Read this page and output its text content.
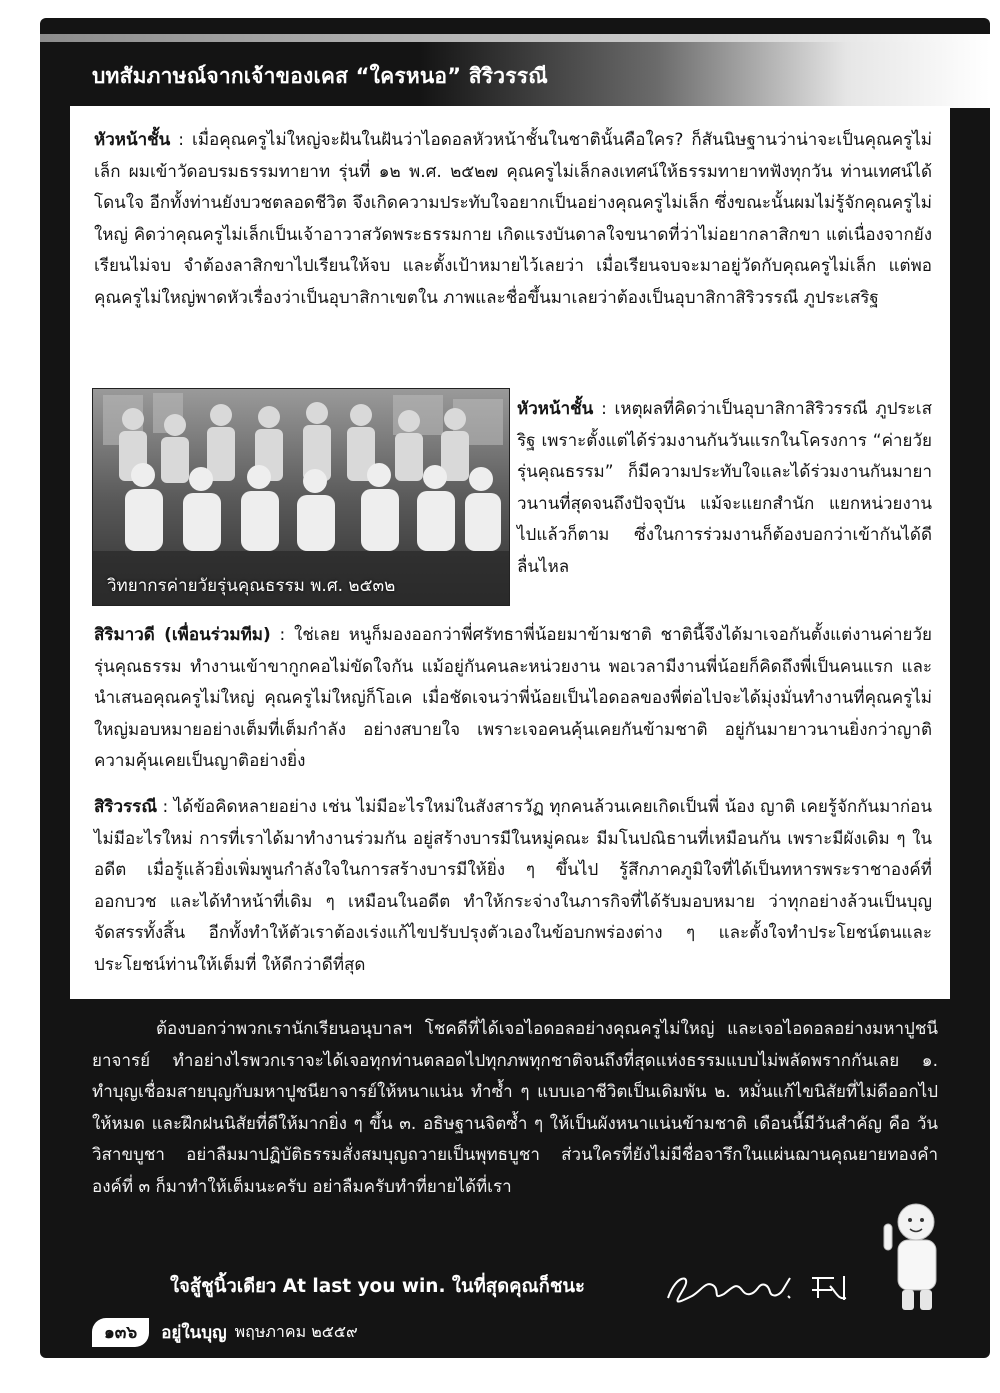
บทสัมภาษณ์จากเจ้าของเคส “ใครหนอ” สิริวรรณี
หัวหน้าชั้น : เมื่อคุณครูไม่ใหญ่จะฝันในฝันว่าไอดอลหัวหน้าชั้นในชาตินั้นคือใคร? ก็สันนิษฐานว่าน่าจะเป็นคุณครูไม่เล็ก ผมเข้าวัดอบรมธรรมทายาท รุ่นที่ ๑๒ พ.ศ. ๒๕๒๗ คุณครูไม่เล็กลงเทศน์ให้ธรรมทายาทฟังทุกวัน ท่านเทศน์ได้โดนใจ อีกทั้งท่านยังบวชตลอดชีวิต จึงเกิดความประทับใจอยากเป็นอย่างคุณครูไม่เล็ก ซึ่งขณะนั้นผมไม่รู้จักคุณครูไม่ใหญ่ คิดว่าคุณครูไม่เล็กเป็นเจ้าอาวาสวัดพระธรรมกาย เกิดแรงบันดาลใจขนาดที่ว่าไม่อยากลาสิกขา แต่เนื่องจากยังเรียนไม่จบ จำต้องลาสิกขาไปเรียนให้จบ และตั้งเป้าหมายไว้เลยว่า เมื่อเรียนจบจะมาอยู่วัดกับคุณครูไม่เล็ก แต่พอคุณครูไม่ใหญ่พาดหัวเรื่องว่าเป็นอุบาสิกาเขตใน ภาพและชื่อขึ้นมาเลยว่าต้องเป็นอุบาสิกาสิริวรรณี ภูประเสริฐ
วิทยากรค่ายวัยรุ่นคุณธรรม พ.ศ. ๒๕๓๒
หัวหน้าชั้น : เหตุผลที่คิดว่าเป็นอุบาสิกาสิริวรรณี ภูประเสริฐ เพราะตั้งแต่ได้ร่วมงานกันวันแรกในโครงการ “ค่ายวัยรุ่นคุณธรรม” ก็มีความประทับใจและได้ร่วมงานกันมายาวนานที่สุดจนถึงปัจจุบัน แม้จะแยกสำนัก แยกหน่วยงานไปแล้วก็ตาม ซึ่งในการร่วมงานก็ต้องบอกว่าเข้ากันได้ดี ลื่นไหล
สิริมาวดี (เพื่อนร่วมทีม) : ใช่เลย หนูก็มองออกว่าพี่ศรัทธาพี่น้อยมาข้ามชาติ ชาตินี้จึงได้มาเจอกันตั้งแต่งานค่ายวัยรุ่นคุณธรรม ทำงานเข้าขากูกคอไม่ขัดใจกัน แม้อยู่กันคนละหน่วยงาน พอเวลามีงานพี่น้อยก็คิดถึงพี่เป็นคนแรก และนำเสนอคุณครูไม่ใหญ่ คุณครูไม่ใหญ่ก็โอเค เมื่อชัดเจนว่าพี่น้อยเป็นไอดอลของพี่ต่อไปจะได้มุ่งมั่นทำงานที่คุณครูไม่ใหญ่มอบหมายอย่างเต็มที่เต็มกำลัง อย่างสบายใจ เพราะเจอคนคุ้นเคยกันข้ามชาติ อยู่กันมายาวนานยิ่งกว่าญาติ ความคุ้นเคยเป็นญาติอย่างยิ่ง
สิริวรรณี : ได้ข้อคิดหลายอย่าง เช่น ไม่มีอะไรใหม่ในสังสารวัฏ ทุกคนล้วนเคยเกิดเป็นพี่ น้อง ญาติ เคยรู้จักกันมาก่อน ไม่มีอะไรใหม่ การที่เราได้มาทำงานร่วมกัน อยู่สร้างบารมีในหมู่คณะ มีมโนปณิธานที่เหมือนกัน เพราะมีผังเดิม ๆ ในอดีต เมื่อรู้แล้วยิ่งเพิ่มพูนกำลังใจในการสร้างบารมีให้ยิ่ง ๆ ขึ้นไป รู้สึกภาคภูมิใจที่ได้เป็นทหารพระราชาองค์ที่ออกบวช และได้ทำหน้าที่เดิม ๆ เหมือนในอดีต ทำให้กระจ่างในภารกิจที่ได้รับมอบหมาย ว่าทุกอย่างล้วนเป็นบุญจัดสรรทั้งสิ้น อีกทั้งทำให้ตัวเราต้องเร่งแก้ไขปรับปรุงตัวเองในข้อบกพร่องต่าง ๆ และตั้งใจทำประโยชน์ตนและประโยชน์ท่านให้เต็มที่ ให้ดีกว่าดีที่สุด
ต้องบอกว่าพวกเรานักเรียนอนุบาลฯ โชคดีที่ได้เจอไอดอลอย่างคุณครูไม่ใหญ่ และเจอไอดอลอย่างมหาปูชนียาจารย์ ทำอย่างไรพวกเราจะได้เจอทุกท่านตลอดไปทุกภพทุกชาติจนถึงที่สุดแห่งธรรมแบบไม่พลัดพรากกันเลย ๑. ทำบุญเชื่อมสายบุญกับมหาปูชนียาจารย์ให้หนาแน่น ทำซ้ำ ๆ แบบเอาชีวิตเป็นเดิมพัน ๒. หมั่นแก้ไขนิสัยที่ไม่ดีออกไปให้หมด และฝึกฝนนิสัยที่ดีให้มากยิ่ง ๆ ขึ้น ๓. อธิษฐานจิตซ้ำ ๆ ให้เป็นผังหนาแน่นข้ามชาติ เดือนนี้มีวันสำคัญ คือ วันวิสาขบูชา อย่าลืมมาปฏิบัติธรรมสั่งสมบุญถวายเป็นพุทธบูชา ส่วนใครที่ยังไม่มีชื่อจารึกในแผ่นฌานคุณยายทองคำ องค์ที่ ๓ ก็มาทำให้เต็มนะครับ อย่าลืมครับทำที่ยายได้ที่เรา
ใจสู้ชูนิ้วเดียว At last you win. ในที่สุดคุณก็ชนะ
๑๓๖	อยู่ในบุญ พฤษภาคม ๒๕๕๙
